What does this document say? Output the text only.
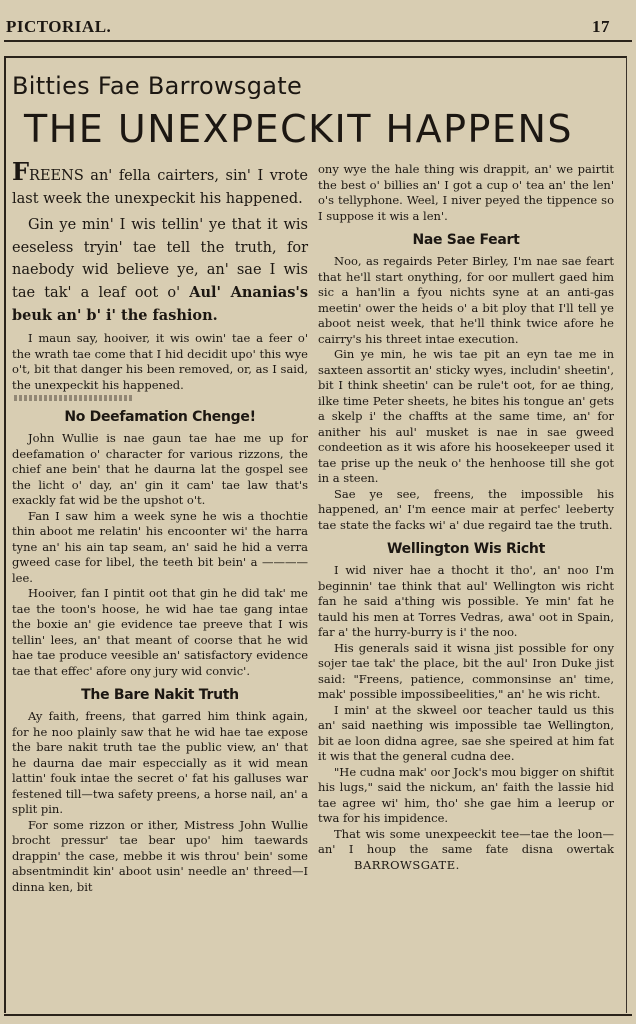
PICTORIAL.	17
Bitties Fae Barrowsgate
THE UNEXPECKIT HAPPENS

FREENS an' fella cairters, sin' I vrote last week the unexpeckit his happened.

Gin ye min' I wis tellin' ye that it wis eeseless tryin' tae tell the truth, for naebody wid believe ye, an' sae I wis tae tak' a leaf oot o' Aul' Ananias's beuk an' b' i' the fashion.

I maun say, hooiver, it wis owin' tae a feer o' the wrath tae come that I hid decidit upo' this wye o't, bit that danger his been removed, or, as I said, the unexpeckit his happened.

No Deefamation Chenge!

John Wullie is nae gaun tae hae me up for deefamation o' character for various rizzons, the chief ane bein' that he daurna lat the gospel see the licht o' day, an' gin it cam' tae law that's exackly fat wid be the upshot o't.

Fan I saw him a week syne he wis a thochtie thin aboot me relatin' his encoonter wi' the harra tyne an' his ain tap seam, an' said he hid a verra gweed case for libel, the teeth bit bein' a ———— lee.

Hooiver, fan I pintit oot that gin he did tak' me tae the toon's hoose, he wid hae tae gang intae the boxie an' gie evidence tae preeve that I wis tellin' lees, an' that meant of coorse that he wid hae tae produce veesible an' satisfactory evidence tae that effec' afore ony jury wid convic'.

The Bare Nakit Truth

Ay faith, freens, that garred him think again, for he noo plainly saw that he wid hae tae expose the bare nakit truth tae the public view, an' that he daurna dae mair especcially as it wid mean lattin' fouk intae the secret o' fat his galluses war festened till—twa safety preens, a horse nail, an' a split pin.

For some rizzon or ither, Mistress John Wullie brocht pressur' tae bear upo' him taewards drappin' the case, mebbe it wis throu' bein' some absentmindit kin' aboot usin' needle an' threed—I dinna ken, bit

ony wye the hale thing wis drappit, an' we pairtit the best o' billies an' I got a cup o' tea an' the len' o's tellyphone. Weel, I niver peyed the tippence so I suppose it wis a len'.

Nae Sae Feart

Noo, as regairds Peter Birley, I'm nae sae feart that he'll start onything, for oor mullert gaed him sic a han'lin a fyou nichts syne at an anti-gas meetin' ower the heids o' a bit ploy that I'll tell ye aboot neist week, that he'll think twice afore he cairry's his threet intae execution.

Gin ye min, he wis tae pit an eyn tae me in saxteen assortit an' sticky wyes, includin' sheetin', bit I think sheetin' can be rule't oot, for ae thing, ilke time Peter sheets, he bites his tongue an' gets a skelp i' the chaffts at the same time, an' for anither his aul' musket is nae in sae gweed condeetion as it wis afore his hoosekeeper used it tae prise up the neuk o' the henhoose till she got in a steen.

Sae ye see, freens, the impossible his happened, an' I'm eence mair at perfec' leeberty tae state the facks wi' a' due regaird tae the truth.

Wellington Wis Richt

I wid niver hae a thocht it tho', an' noo I'm beginnin' tae think that aul' Wellington wis richt fan he said a'thing wis possible. Ye min' fat he tauld his men at Torres Vedras, awa' oot in Spain, far a' the hurry-burry is i' the noo.

His generals said it wisna jist possible for ony sojer tae tak' the place, bit the aul' Iron Duke jist said: "Freens, patience, commonsinse an' time, mak' possible impossibeelities," an' he wis richt.

I min' at the skweel oor teacher tauld us this an' said naething wis impossible tae Wellington, bit ae loon didna agree, sae she speired at him fat it wis that the general cudna dee.

"He cudna mak' oor Jock's mou bigger on shiftit his lugs," said the nickum, an' faith the lassie hid tae agree wi' him, tho' she gae him a leerup or twa for his impidence.

That wis some unexpeeckit tee—tae the loon—an' I houp the same fate disna owertakBARROWSGATE.
